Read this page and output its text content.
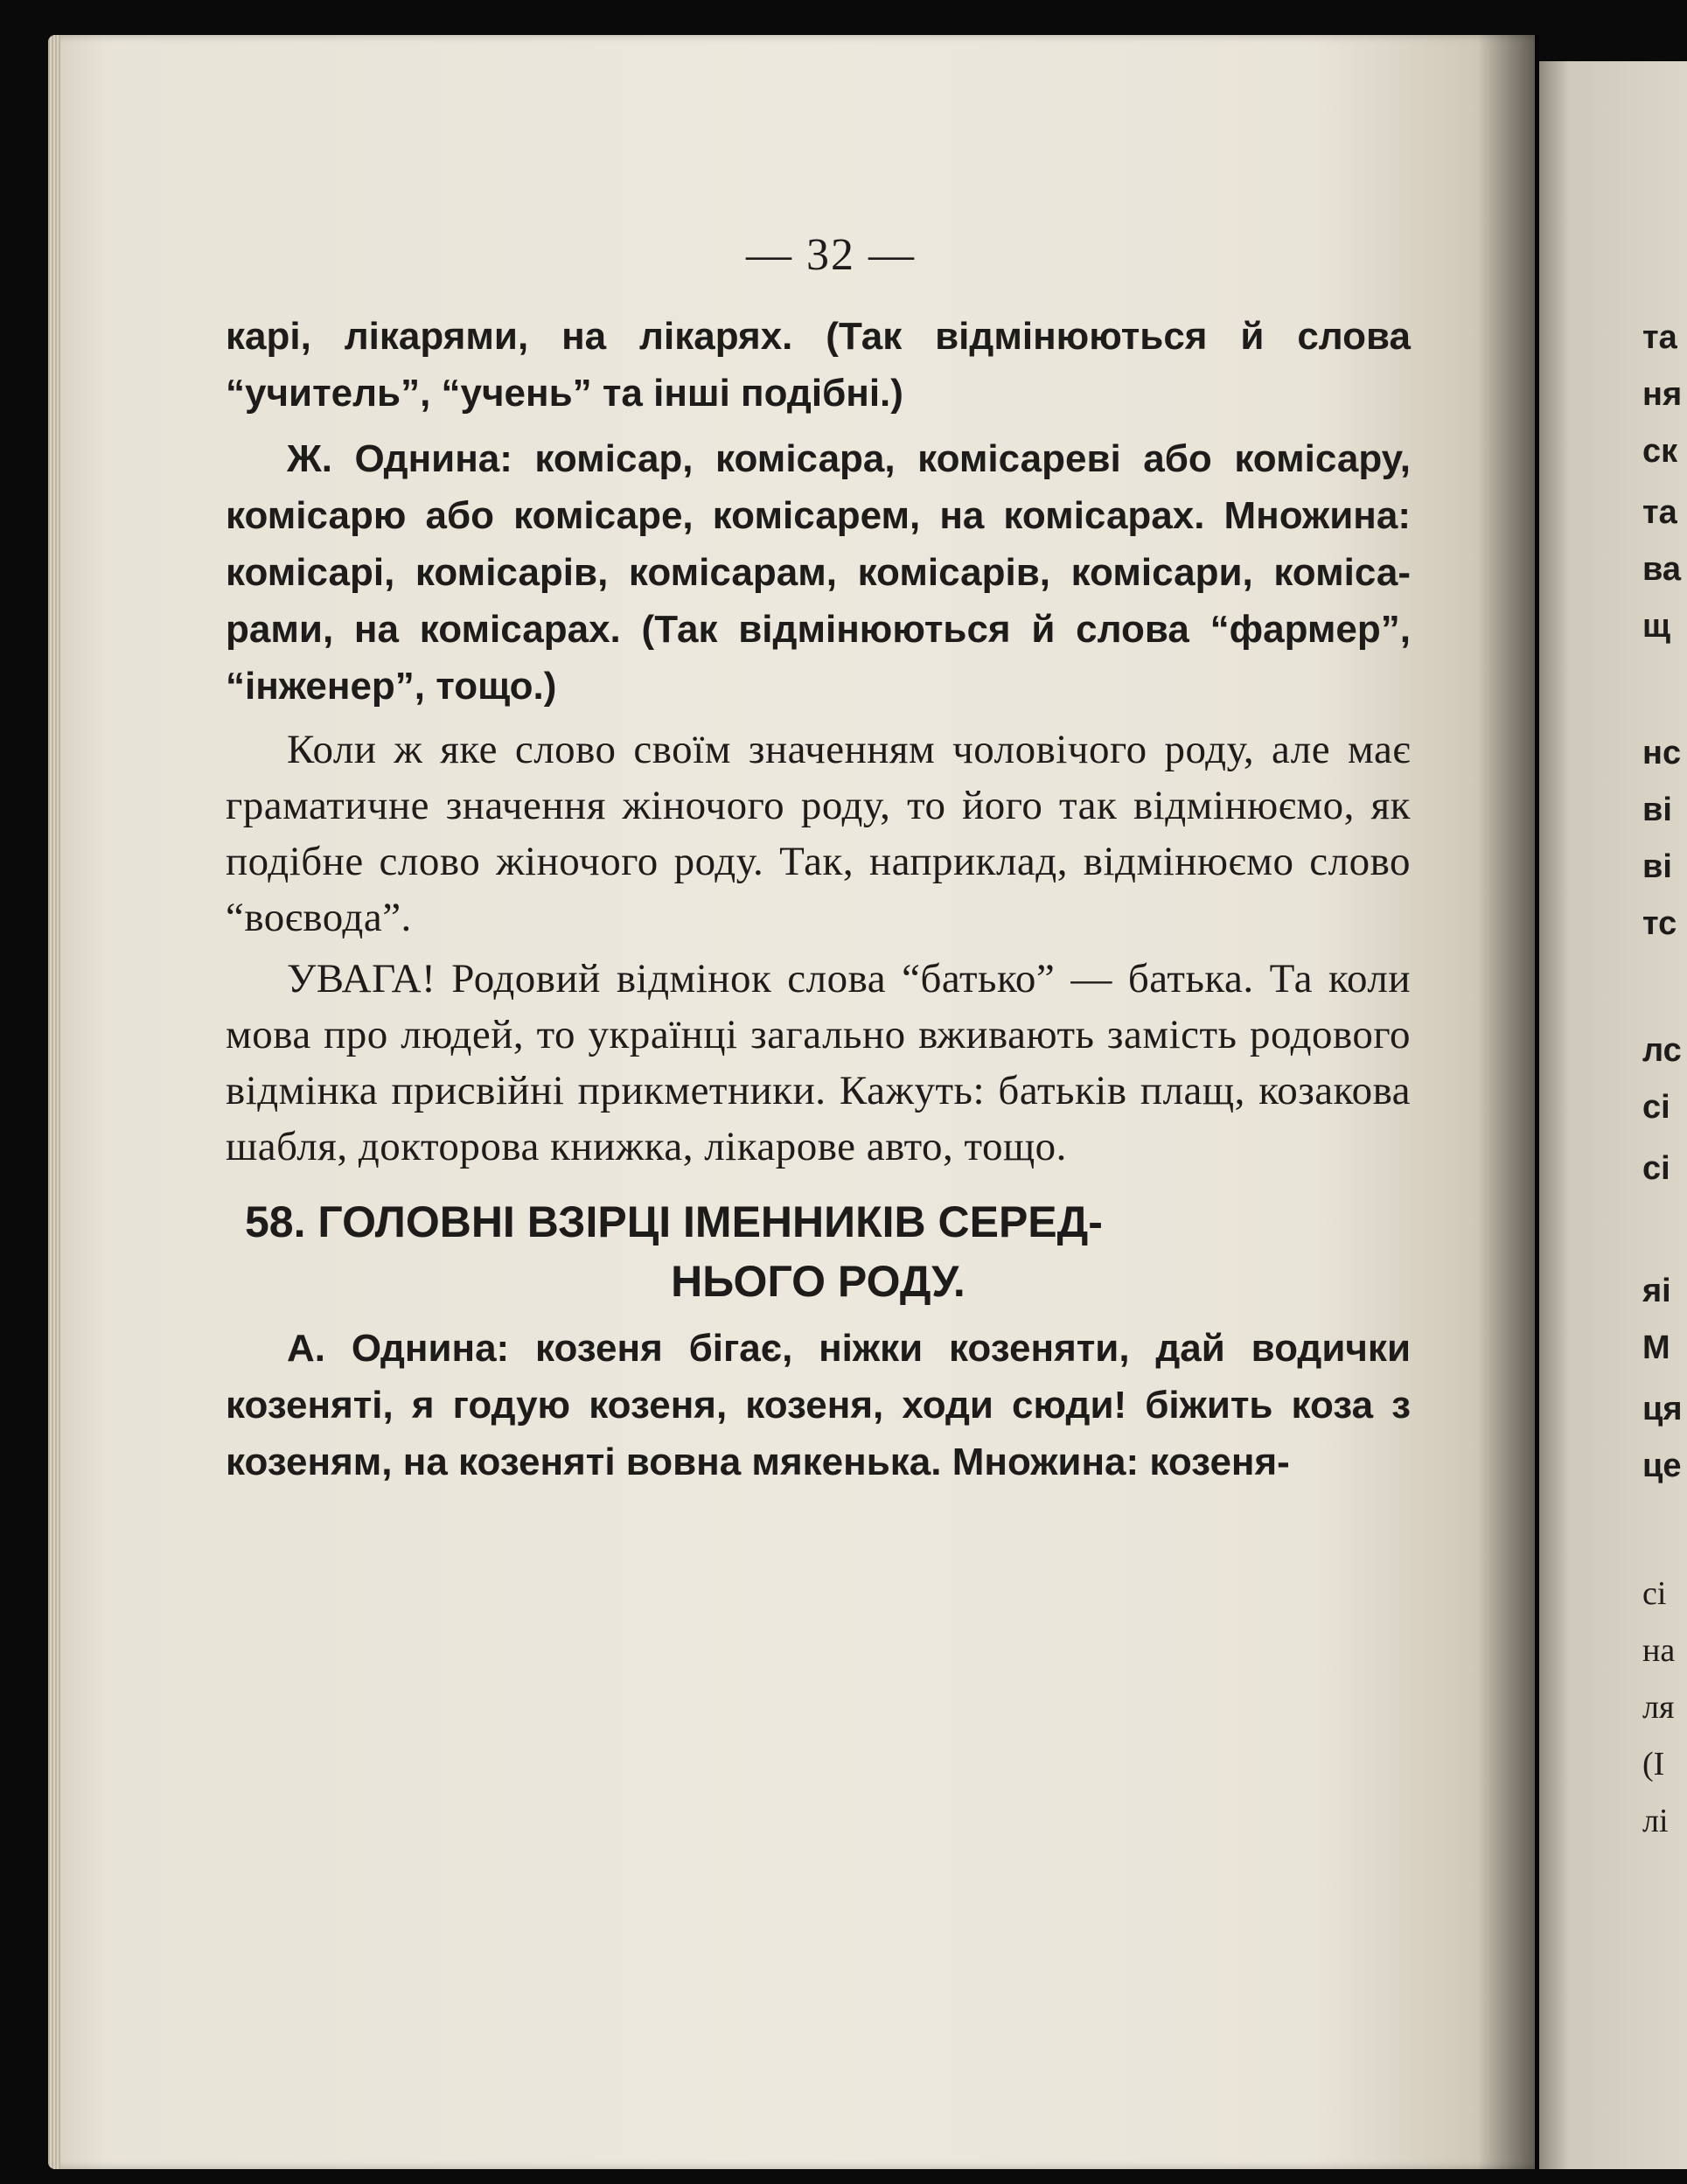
та
ня
ск
та
ва
щ
нс
ві
ві
тс
лс
сі
сі
яі
М
ця
це
сі
на
ля
(І
лі
— 32 —

карі, лікарями, на лікарях. (Так відмінюються й слова “учитель”, “учень” та інші подібні.)

Ж. Однина: комісар, комісара, комісареві або комісару, комісарю або комісаре, комісарем, на комісарах. Множина: комісарі, комісарів, комісарам, комісарів, комісари, комісарами, на комісарах. (Так відмінюються й слова “фармер”, “інженер”, тощо.)

Коли ж яке слово своїм значенням чоловічого роду, але має граматичне значення жіночого роду, то його так відмінюємо, як подібне слово жіночого роду. Так, наприклад, відмінюємо слово “воєвода”.

УВАГА! Родовий відмінок слова “батько” — батька. Та коли мова про людей, то українці загально вживають замість родового відмінка присвійні прикметники. Кажуть: батьків плащ, козакова шабля, докторова книжка, лікарове авто, тощо.

58. ГОЛОВНІ ВЗІРЦІ ІМЕННИКІВ СЕРЕД-

НЬОГО РОДУ.

А. Однина: козеня бігає, ніжки козеняти, дай водички козеняті, я годую козеня, козеня, ходи сюди! біжить коза з козеням, на козеняті вовна мякенька. Множина: козеня-
